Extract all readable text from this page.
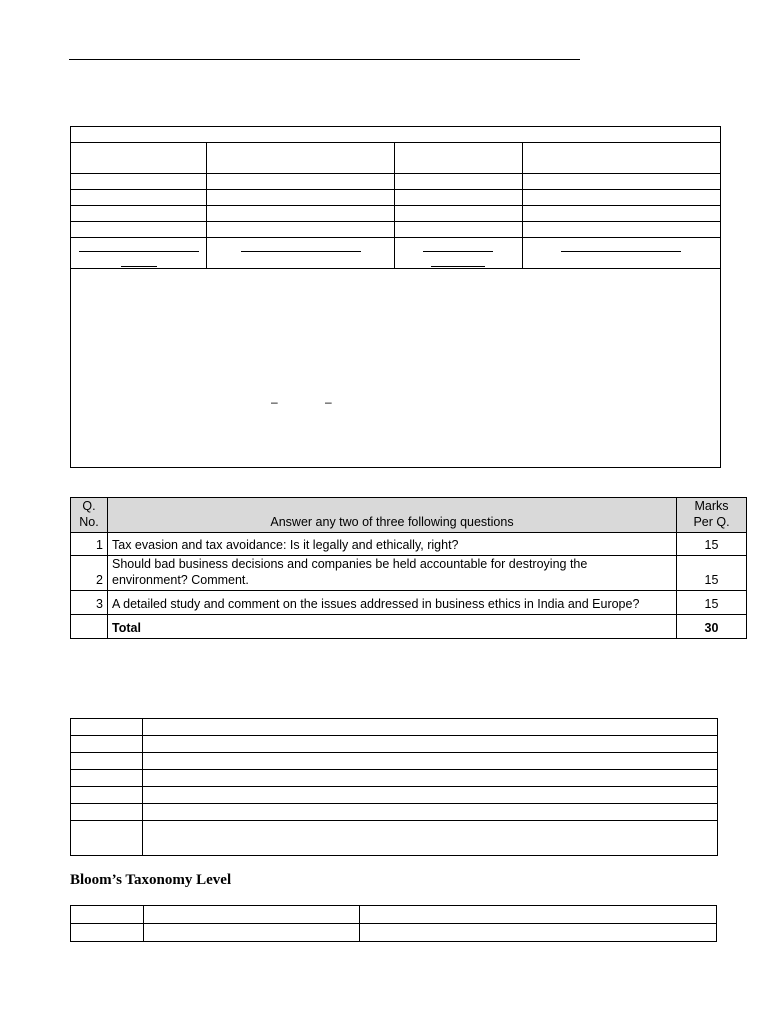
– –			
Q.
No.	Answer any two of three following questions	Marks
Per Q.
1	Tax evasion and tax avoidance: Is it legally and ethically, right?	15
2	Should bad business decisions and companies be held accountable for destroying the
environment? Comment.	15
3	A detailed study and comment on the issues addressed in business ethics in India and Europe?	15
	Total	30

Bloom’s Taxonomy Level
